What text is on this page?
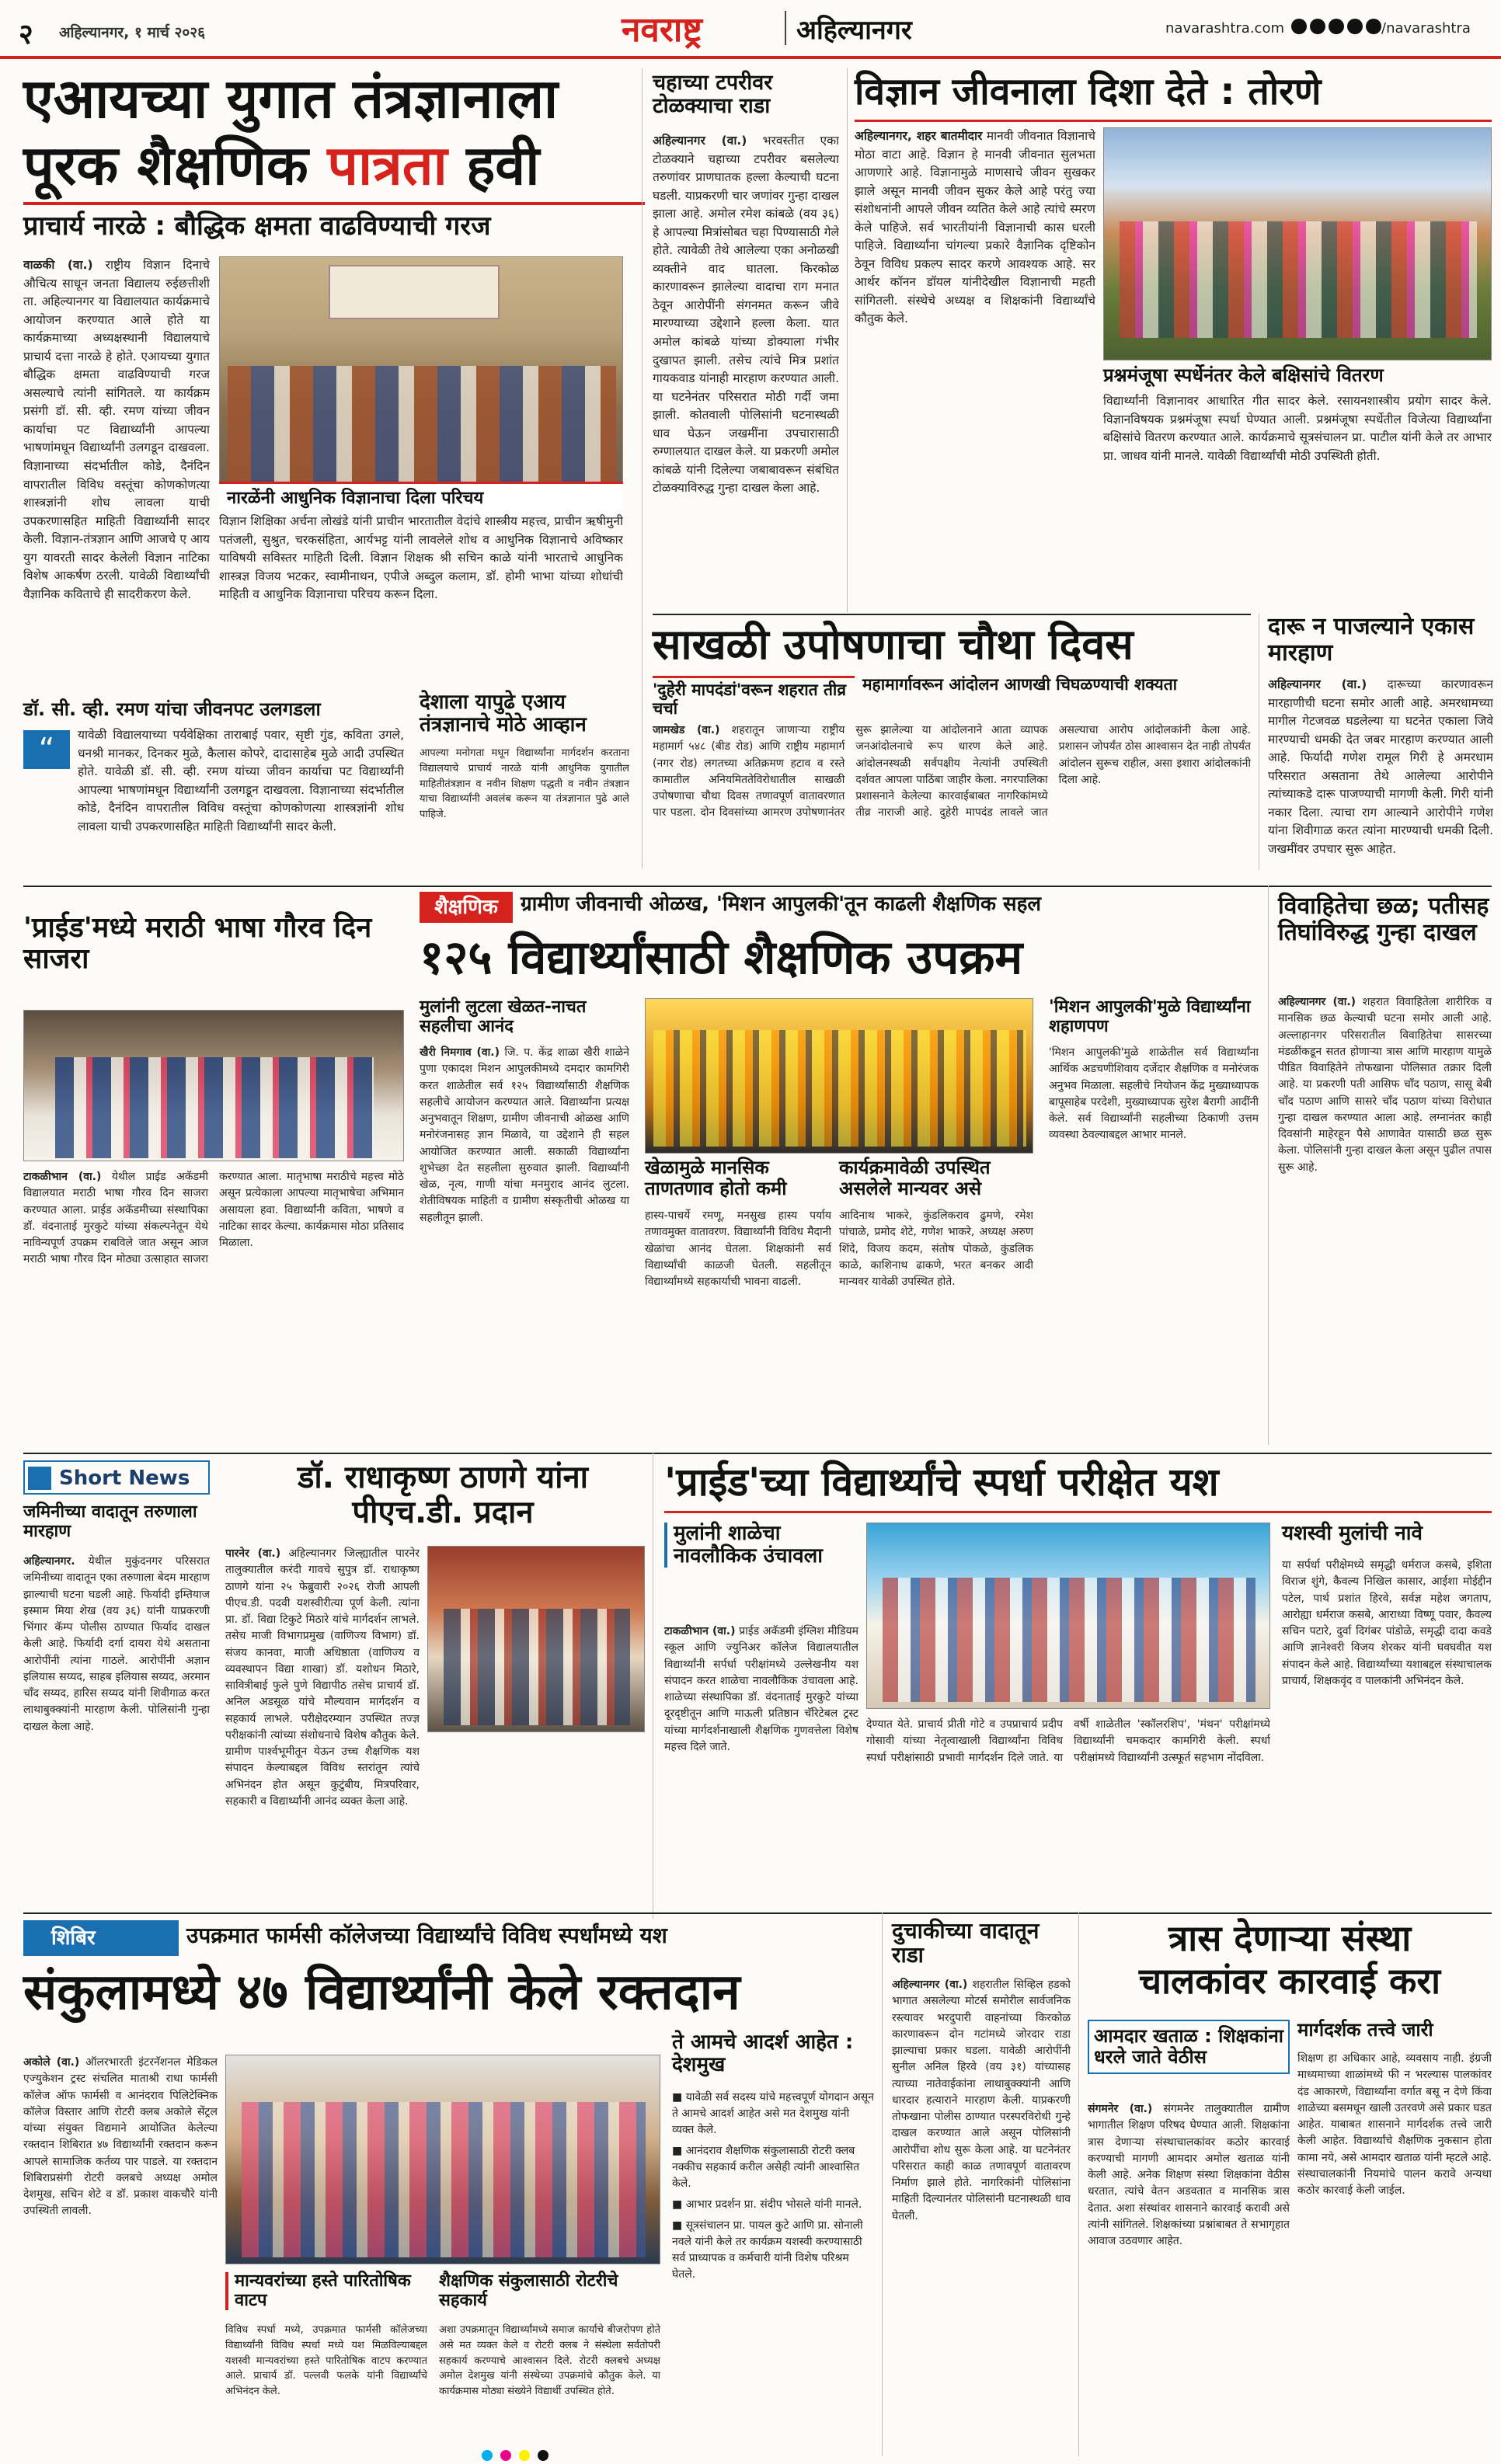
२ अहिल्यानगर, १ मार्च २०२६	नवराष्ट्र	अहिल्यानगर	navarashtra.com	/navarashtra
एआयच्या युगात तंत्रज्ञानाला
पूरक शैक्षणिक पात्रता हवी
प्राचार्य नारळे : बौद्धिक क्षमता वाढविण्याची गरज
वाळकी (वा.) राष्ट्रीय विज्ञान दिनाचे औचित्य साधून जनता विद्यालय रुईछत्तीशी ता. अहिल्यानगर या विद्यालयात कार्यक्रमाचे आयोजन करण्यात आले होते या कार्यक्रमाच्या अध्यक्षस्थानी विद्यालयाचे प्राचार्य दत्ता नारळे हे होते. एआयच्या युगात बौद्धिक क्षमता वाढविण्याची गरज असल्याचे त्यांनी सांगितले. या कार्यक्रम प्रसंगी डॉ. सी. व्ही. रमण यांच्या जीवन कार्याचा पट विद्यार्थ्यांनी आपल्या भाषणांमधून विद्यार्थ्यांनी उलगडून दाखवला. विज्ञानाच्या संदर्भातील कोडे, दैनंदिन वापरातील विविध वस्तूंचा कोणकोणत्या शास्त्रज्ञांनी शोध लावला याची उपकरणासहित माहिती विद्यार्थ्यांनी सादर केली. विज्ञान-तंत्रज्ञान आणि आजचे ए आय युग यावरती सादर केलेली विज्ञान नाटिका विशेष आकर्षण ठरली. यावेळी विद्यार्थ्यांची वैज्ञानिक कविताचे ही सादरीकरण केले.
नारळेंनी आधुनिक विज्ञानाचा दिला परिचय
विज्ञान शिक्षिका अर्चना लोखंडे यांनी प्राचीन भारतातील वेदांचे शास्त्रीय महत्त्व, प्राचीन ऋषीमुनी पतंजली, सुश्रुत, चरकसंहिता, आर्यभट्ट यांनी लावलेले शोध व आधुनिक विज्ञानाचे अविष्कार याविषयी सविस्तर माहिती दिली. विज्ञान शिक्षक श्री सचिन काळे यांनी भारताचे आधुनिक शास्त्रज्ञ विजय भटकर, स्वामीनाथन, एपीजे अब्दुल कलाम, डॉ. होमी भाभा यांच्या शोधांची माहिती व आधुनिक विज्ञानाचा परिचय करून दिला.
डॉ. सी. व्ही. रमण यांचा जीवनपट उलगडला
“	यावेळी विद्यालयाच्या पर्यवेक्षिका ताराबाई पवार, सृष्टी गुंड, कविता उगले, धनश्री मानकर, दिनकर मुळे, कैलास कोपरे, दादासाहेब मुळे आदी उपस्थित होते. यावेळी डॉ. सी. व्ही. रमण यांच्या जीवन कार्याचा पट विद्यार्थ्यांनी आपल्या भाषणांमधून विद्यार्थ्यांनी उलगडून दाखवला. विज्ञानाच्या संदर्भातील कोडे, दैनंदिन वापरातील विविध वस्तूंचा कोणकोणत्या शास्त्रज्ञांनी शोध लावला याची उपकरणासहित माहिती विद्यार्थ्यांनी सादर केली.
देशाला यापुढे एआय तंत्रज्ञानाचे मोठे आव्हान
आपल्या मनोगता मधून विद्यार्थ्यांना मार्गदर्शन करताना विद्यालयाचे प्राचार्य नारळे यांनी आधुनिक युगातील माहितीतंत्रज्ञान व नवीन शिक्षण पद्धती व नवीन तंत्रज्ञान याचा विद्यार्थ्यांनी अवलंब करून या तंत्रज्ञानात पुढे आले पाहिजे.
चहाच्या टपरीवर टोळक्याचा राडा
अहिल्यानगर (वा.) भरवस्तीत एका टोळक्याने चहाच्या टपरीवर बसलेल्या तरुणांवर प्राणघातक हल्ला केल्याची घटना घडली. याप्रकरणी चार जणांवर गुन्हा दाखल झाला आहे. अमोल रमेश कांबळे (वय ३६) हे आपल्या मित्रांसोबत चहा पिण्यासाठी गेले होते. त्यावेळी तेथे आलेल्या एका अनोळखी व्यक्तीने वाद घातला. किरकोळ कारणावरून झालेल्या वादाचा राग मनात ठेवून आरोपींनी संगनमत करून जीवे मारण्याच्या उद्देशाने हल्ला केला. यात अमोल कांबळे यांच्या डोक्याला गंभीर दुखापत झाली. तसेच त्यांचे मित्र प्रशांत गायकवाड यांनाही मारहाण करण्यात आली. या घटनेनंतर परिसरात मोठी गर्दी जमा झाली. कोतवाली पोलिसांनी घटनास्थळी धाव घेऊन जखमींना उपचारासाठी रुग्णालयात दाखल केले. या प्रकरणी अमोल कांबळे यांनी दिलेल्या जबाबावरून संबंधित टोळक्याविरुद्ध गुन्हा दाखल केला आहे.
विज्ञान जीवनाला दिशा देते : तोरणे
अहिल्यानगर, शहर बातमीदार मानवी जीवनात विज्ञानाचे मोठा वाटा आहे. विज्ञान हे मानवी जीवनात सुलभता आणणारे आहे. विज्ञानामुळे माणसाचे जीवन सुखकर झाले असून मानवी जीवन सुकर केले आहे परंतु ज्या संशोधनांनी आपले जीवन व्यतित केले आहे त्यांचे स्मरण केले पाहिजे. सर्व भारतीयांनी विज्ञानाची कास धरली पाहिजे. विद्यार्थ्यांना चांगल्या प्रकारे वैज्ञानिक दृष्टिकोन ठेवून विविध प्रकल्प सादर करणे आवश्यक आहे. सर आर्थर कॉनन डॉयल यांनीदेखील विज्ञानाची महती सांगितली. संस्थेचे अध्यक्ष व शिक्षकांनी विद्यार्थ्यांचे कौतुक केले.
प्रश्नमंजूषा स्पर्धेनंतर केले बक्षिसांचे वितरण
विद्यार्थ्यांनी विज्ञानावर आधारित गीत सादर केले. रसायनशास्त्रीय प्रयोग सादर केले. विज्ञानविषयक प्रश्नमंजूषा स्पर्धा घेण्यात आली. प्रश्नमंजूषा स्पर्धेतील विजेत्या विद्यार्थ्यांना बक्षिसांचे वितरण करण्यात आले. कार्यक्रमाचे सूत्रसंचालन प्रा. पाटील यांनी केले तर आभार प्रा. जाधव यांनी मानले. यावेळी विद्यार्थ्यांची मोठी उपस्थिती होती.
साखळी उपोषणाचा चौथा दिवस
'दुहेरी मापदंडां'वरून शहरात तीव्र चर्चा
महामार्गावरून आंदोलन आणखी चिघळण्याची शक्यता
जामखेड (वा.) शहरातून जाणाऱ्या राष्ट्रीय महामार्ग ५४८ (बीड रोड) आणि राष्ट्रीय महामार्ग (नगर रोड) लगतच्या अतिक्रमण हटाव व रस्ते कामातील अनियमिततेविरोधातील साखळी उपोषणाचा चौथा दिवस तणावपूर्ण वातावरणात पार पडला. दोन दिवसांच्या आमरण उपोषणानंतर सुरू झालेल्या या आंदोलनाने आता व्यापक जनआंदोलनाचे रूप धारण केले आहे. आंदोलनस्थळी सर्वपक्षीय नेत्यांनी उपस्थिती दर्शवत आपला पाठिंबा जाहीर केला. नगरपालिका प्रशासनाने केलेल्या कारवाईबाबत नागरिकांमध्ये तीव्र नाराजी आहे. दुहेरी मापदंड लावले जात असल्याचा आरोप आंदोलकांनी केला आहे. प्रशासन जोपर्यंत ठोस आश्वासन देत नाही तोपर्यंत आंदोलन सुरूच राहील, असा इशारा आंदोलकांनी दिला आहे.
दारू न पाजल्याने एकास मारहाण
अहिल्यानगर (वा.) दारूच्या कारणावरून मारहाणीची घटना समोर आली आहे. अमरधामच्या मागील गेटजवळ घडलेल्या या घटनेत एकाला जिवे मारण्याची धमकी देत जबर मारहाण करण्यात आली आहे. फिर्यादी गणेश रामूल गिरी हे अमरधाम परिसरात असताना तेथे आलेल्या आरोपीने त्यांच्याकडे दारू पाजण्याची मागणी केली. गिरी यांनी नकार दिला. त्याचा राग आल्याने आरोपीने गणेश यांना शिवीगाळ करत त्यांना मारण्याची धमकी दिली. जखमींवर उपचार सुरू आहेत.
शैक्षणिक	ग्रामीण जीवनाची ओळख, 'मिशन आपुलकी'तून काढली शैक्षणिक सहल
१२५ विद्यार्थ्यांसाठी शैक्षणिक उपक्रम
'प्राईड'मध्ये मराठी भाषा गौरव दिन साजरा
टाकळीभान (वा.) येथील प्राईड अकॅडमी विद्यालयात मराठी भाषा गौरव दिन साजरा करण्यात आला. प्राईड अकॅडमीच्या संस्थापिका डॉ. वंदनाताई मुरकुटे यांच्या संकल्पनेतून येथे नाविन्यपूर्ण उपक्रम राबविले जात असून आज मराठी भाषा गौरव दिन मोठ्या उत्साहात साजरा करण्यात आला. मातृभाषा मराठीचे महत्त्व मोठे असून प्रत्येकाला आपल्या मातृभाषेचा अभिमान असायला हवा. विद्यार्थ्यांनी कविता, भाषणे व नाटिका सादर केल्या. कार्यक्रमास मोठा प्रतिसाद मिळाला.
मुलांनी लुटला खेळत-नाचत सहलीचा आनंद
खैरी निमगाव (वा.) जि. प. केंद्र शाळा खैरी शाळेने पुणा एकादश मिशन आपुलकीमध्ये दमदार कामगिरी करत शाळेतील सर्व १२५ विद्यार्थ्यांसाठी शैक्षणिक सहलीचे आयोजन करण्यात आले. विद्यार्थ्यांना प्रत्यक्ष अनुभवातून शिक्षण, ग्रामीण जीवनाची ओळख आणि मनोरंजनासह ज्ञान मिळावे, या उद्देशाने ही सहल आयोजित करण्यात आली. सकाळी विद्यार्थ्यांना शुभेच्छा देत सहलीला सुरुवात झाली. विद्यार्थ्यांनी खेळ, नृत्य, गाणी यांचा मनमुराद आनंद लुटला. शेतीविषयक माहिती व ग्रामीण संस्कृतीची ओळख या सहलीतून झाली.
खेळामुळे मानसिक ताणतणाव होतो कमी
हास्य-पाचर्ये रमणू, मनसुख हास्य पर्याय तणावमुक्त वातावरण. विद्यार्थ्यांनी विविध मैदानी खेळांचा आनंद घेतला. शिक्षकांनी सर्व विद्यार्थ्यांची काळजी घेतली. सहलीतून विद्यार्थ्यांमध्ये सहकार्याची भावना वाढली.
कार्यक्रमावेळी उपस्थित असलेले मान्यवर असे
आदिनाथ भाकरे, कुंडलिकराव ढुमणे, रमेश पांचाळे, प्रमोद शेटे, गणेश भाकरे, अध्यक्ष अरुण शिंदे, विजय कदम, संतोष पोकळे, कुंडलिक काळे, काशिनाथ ढाकणे, भरत बनकर आदी मान्यवर यावेळी उपस्थित होते.
'मिशन आपुलकी'मुळे विद्यार्थ्यांना शहाणपण
'मिशन आपुलकी'मुळे शाळेतील सर्व विद्यार्थ्यांना आर्थिक अडचणीशिवाय दर्जेदार शैक्षणिक व मनोरंजक अनुभव मिळाला. सहलीचे नियोजन केंद्र मुख्याध्यापक बापूसाहेब परदेशी, मुख्याध्यापक सुरेश बैरागी आदींनी केले. सर्व विद्यार्थ्यांनी सहलीच्या ठिकाणी उत्तम व्यवस्था ठेवल्याबद्दल आभार मानले.
विवाहितेचा छळ; पतीसह तिघांविरुद्ध गुन्हा दाखल
अहिल्यानगर (वा.) शहरात विवाहितेला शारीरिक व मानसिक छळ केल्याची घटना समोर आली आहे. अल्लाहानगर परिसरातील विवाहितेचा सासरच्या मंडळींकडून सतत होणाऱ्या त्रास आणि मारहाण यामुळे पीडित विवाहितेने तोफखाना पोलिसात तक्रार दिली आहे. या प्रकरणी पती आसिफ चाँद पठाण, सासू बेबी चाँद पठाण आणि सासरे चाँद पठाण यांच्या विरोधात गुन्हा दाखल करण्यात आला आहे. लग्नानंतर काही दिवसांनी माहेरहून पैसे आणावेत यासाठी छळ सुरू केला. पोलिसांनी गुन्हा दाखल केला असून पुढील तपास सुरू आहे.
Short News
जमिनीच्या वादातून तरुणाला मारहाण
अहिल्यानगर. येथील मुकुंदनगर परिसरात जमिनीच्या वादातून एका तरुणाला बेदम मारहाण झाल्याची घटना घडली आहे. फिर्यादी इम्तियाज इस्माम मिया शेख (वय ३६) यांनी याप्रकरणी भिंगार कॅम्प पोलीस ठाण्यात फिर्याद दाखल केली आहे. फिर्यादी दर्गा दायरा येथे असताना आरोपींनी त्यांना गाठले. आरोपींनी अज्ञान इलियास सय्यद, साहब इलियास सय्यद, अरमान चाँद सय्यद, हारिस सय्यद यांनी शिवीगाळ करत लाथाबुक्क्यांनी मारहाण केली. पोलिसांनी गुन्हा दाखल केला आहे.
डॉ. राधाकृष्ण ठाणगे यांना पीएच.डी. प्रदान
पारनेर (वा.) अहिल्यानगर जिल्ह्यातील पारनेर तालुक्यातील करंदी गावचे सुपुत्र डॉ. राधाकृष्ण ठाणगे यांना २५ फेब्रुवारी २०२६ रोजी आपली पीएच.डी. पदवी यशस्वीरीत्या पूर्ण केली. त्यांना प्रा. डॉ. विद्या टिकुटे मिठारे यांचे मार्गदर्शन लाभले. तसेच माजी विभागप्रमुख (वाणिज्य विभाग) डॉ. संजय कानवा, माजी अधिष्ठाता (वाणिज्य व व्यवस्थापन विद्या शाखा) डॉ. यशोधन मिठारे, सावित्रीबाई फुले पुणे विद्यापीठ तसेच प्राचार्य डॉ. अनिल अडसूळ यांचे मौल्यवान मार्गदर्शन व सहकार्य लाभले. परीक्षेदरम्यान उपस्थित तज्ज्ञ परीक्षकांनी त्यांच्या संशोधनाचे विशेष कौतुक केले. ग्रामीण पार्श्वभूमीतून येऊन उच्च शैक्षणिक यश संपादन केल्याबद्दल विविध स्तरांतून त्यांचे अभिनंदन होत असून कुटुंबीय, मित्रपरिवार, सहकारी व विद्यार्थ्यांनी आनंद व्यक्त केला आहे.
'प्राईड'च्या विद्यार्थ्यांचे स्पर्धा परीक्षेत यश
मुलांनी शाळेचा नावलौकिक उंचावला
टाकळीभान (वा.) प्राईड अकॅडमी इंग्लिश मीडियम स्कूल आणि ज्युनिअर कॉलेज विद्यालयातील विद्यार्थ्यांनी सर्पर्धा परीक्षांमध्ये उल्लेखनीय यश संपादन करत शाळेचा नावलौकिक उंचावला आहे. शाळेच्या संस्थापिका डॉ. वंदनाताई मुरकुटे यांच्या दूरदृष्टीतून आणि माऊली प्रतिष्ठान चॅरिटेबल ट्रस्ट यांच्या मार्गदर्शनाखाली शैक्षणिक गुणवत्तेला विशेष महत्त्व दिले जाते.
देण्यात येते. प्राचार्य प्रीती गोटे व उपप्राचार्य प्रदीप गोसावी यांच्या नेतृत्वाखाली विद्यार्थ्यांना विविध स्पर्धा परीक्षांसाठी प्रभावी मार्गदर्शन दिले जाते. या वर्षी शाळेतील 'स्कॉलरशिप', 'मंथन' परीक्षांमध्ये विद्यार्थ्यांनी चमकदार कामगिरी केली. स्पर्धा परीक्षांमध्ये विद्यार्थ्यांनी उत्स्फूर्त सहभाग नोंदविला.
यशस्वी मुलांची नावे
या सर्पर्धा परीक्षेमध्ये समृद्धी धर्मराज कसबे, इशिता विराज शुंगे, कैवल्य निखिल कासार, आईशा मोईद्दीन पटेल, पार्थ प्रशांत हिरवे, सर्वज्ञ महेश जगताप, आरोह्या धर्मराज कसबे, आराध्या विष्णू पवार, कैवल्य सचिन पटारे, दुर्वा दिगंबर पांडोळे, समृद्धी दादा कवडे आणि ज्ञानेश्वरी विजय शेरकर यांनी घवघवीत यश संपादन केले आहे. विद्यार्थ्यांच्या यशाबद्दल संस्थाचालक प्राचार्य, शिक्षकवृंद व पालकांनी अभिनंदन केले.
शिबिर	उपक्रमात फार्मसी कॉलेजच्या विद्यार्थ्यांचे विविध स्पर्धांमध्ये यश
संकुलामध्ये ४७ विद्यार्थ्यांनी केले रक्तदान
अकोले (वा.) ऑलरभारती इंटरनॅशनल मेडिकल एज्युकेशन ट्रस्ट संचलित माताश्री राधा फार्मसी कॉलेज ऑफ फार्मसी व आनंदराव पिलिटेक्निक कॉलेज विस्तार आणि रोटरी क्लब अकोले सेंट्रल यांच्या संयुक्त विद्यमाने आयोजित केलेल्या रक्तदान शिबिरात ४७ विद्यार्थ्यांनी रक्तदान करून आपले सामाजिक कर्तव्य पार पाडले. या रक्तदान शिबिराप्रसंगी रोटरी क्लबचे अध्यक्ष अमोल देशमुख, सचिन शेटे व डॉ. प्रकाश वाकचौरे यांनी उपस्थिती लावली.
मान्यवरांच्या हस्ते पारितोषिक वाटप
विविध स्पर्धा मध्ये, उपक्रमात फार्मसी कॉलेजच्या विद्यार्थ्यांनी विविध स्पर्धा मध्ये यश मिळविल्याबद्दल यशस्वी मान्यवरांच्या हस्ते पारितोषिक वाटप करण्यात आले. प्राचार्य डॉ. पल्लवी फलके यांनी विद्यार्थ्यांचे अभिनंदन केले.
शैक्षणिक संकुलासाठी रोटरीचे सहकार्य
अशा उपक्रमातून विद्यार्थ्यांमध्ये समाज कार्याचे बीजरोपण होते असे मत व्यक्त केले व रोटरी क्लब ने संस्थेला सर्वतोपरी सहकार्य करण्याचे आश्वासन दिले. रोटरी क्लबचे अध्यक्ष अमोल देशमुख यांनी संस्थेच्या उपक्रमांचे कौतुक केले. या कार्यक्रमास मोठ्या संख्येने विद्यार्थी उपस्थित होते.
ते आमचे आदर्श आहेत : देशमुख
■ यावेळी सर्व सदस्य यांचे महत्त्वपूर्ण योगदान असून ते आमचे आदर्श आहेत असे मत देशमुख यांनी व्यक्त केले.
■ आनंदराव शैक्षणिक संकुलासाठी रोटरी क्लब नक्कीच सहकार्य करील असेही त्यांनी आश्वासित केले.
■ आभार प्रदर्शन प्रा. संदीप भोसले यांनी मानले.
■ सूत्रसंचालन प्रा. पायल कुटे आणि प्रा. सोनाली नवले यांनी केले तर कार्यक्रम यशस्वी करण्यासाठी सर्व प्राध्यापक व कर्मचारी यांनी विशेष परिश्रम घेतले.
दुचाकीच्या वादातून राडा
अहिल्यानगर (वा.) शहरातील सिव्हिल हडको भागात असलेल्या मोटर्स समोरील सार्वजनिक रस्त्यावर भरदुपारी वाहनांच्या किरकोळ कारणावरून दोन गटांमध्ये जोरदार राडा झाल्याचा प्रकार घडला. यावेळी आरोपींनी सुनील अनिल हिरवे (वय ३१) यांच्यासह त्याच्या नातेवाईकांना लाथाबुक्क्यांनी आणि धारदार हत्याराने मारहाण केली. याप्रकरणी तोफखाना पोलीस ठाण्यात परस्परविरोधी गुन्हे दाखल करण्यात आले असून पोलिसांनी आरोपींचा शोध सुरू केला आहे. या घटनेनंतर परिसरात काही काळ तणावपूर्ण वातावरण निर्माण झाले होते. नागरिकांनी पोलिसांना माहिती दिल्यानंतर पोलिसांनी घटनास्थळी धाव घेतली.
त्रास देणाऱ्या संस्था
चालकांवर कारवाई करा
आमदार खताळ : शिक्षकांना धरले जाते वेठीस
संगमनेर (वा.) संगमनेर तालुक्यातील ग्रामीण भागातील शिक्षण परिषद घेण्यात आली. शिक्षकांना त्रास देणाऱ्या संस्थाचालकांवर कठोर कारवाई करण्याची मागणी आमदार अमोल खताळ यांनी केली आहे. अनेक शिक्षण संस्था शिक्षकांना वेठीस धरतात, त्यांचे वेतन अडवतात व मानसिक त्रास देतात. अशा संस्थांवर शासनाने कारवाई करावी असे त्यांनी सांगितले. शिक्षकांच्या प्रश्नांबाबत ते सभागृहात आवाज उठवणार आहेत.
मार्गदर्शक तत्त्वे जारी
शिक्षण हा अधिकार आहे, व्यवसाय नाही. इंग्रजी माध्यमाच्या शाळांमध्ये फी न भरल्यास पालकांवर दंड आकारणे, विद्यार्थ्यांना वर्गात बसू न देणे किंवा शाळेच्या बसमधून खाली उतरवणे असे प्रकार घडत आहेत. याबाबत शासनाने मार्गदर्शक तत्त्वे जारी केली आहेत. विद्यार्थ्यांचे शैक्षणिक नुकसान होता कामा नये, असे आमदार खताळ यांनी म्हटले आहे. संस्थाचालकांनी नियमांचे पालन करावे अन्यथा कठोर कारवाई केली जाईल.
